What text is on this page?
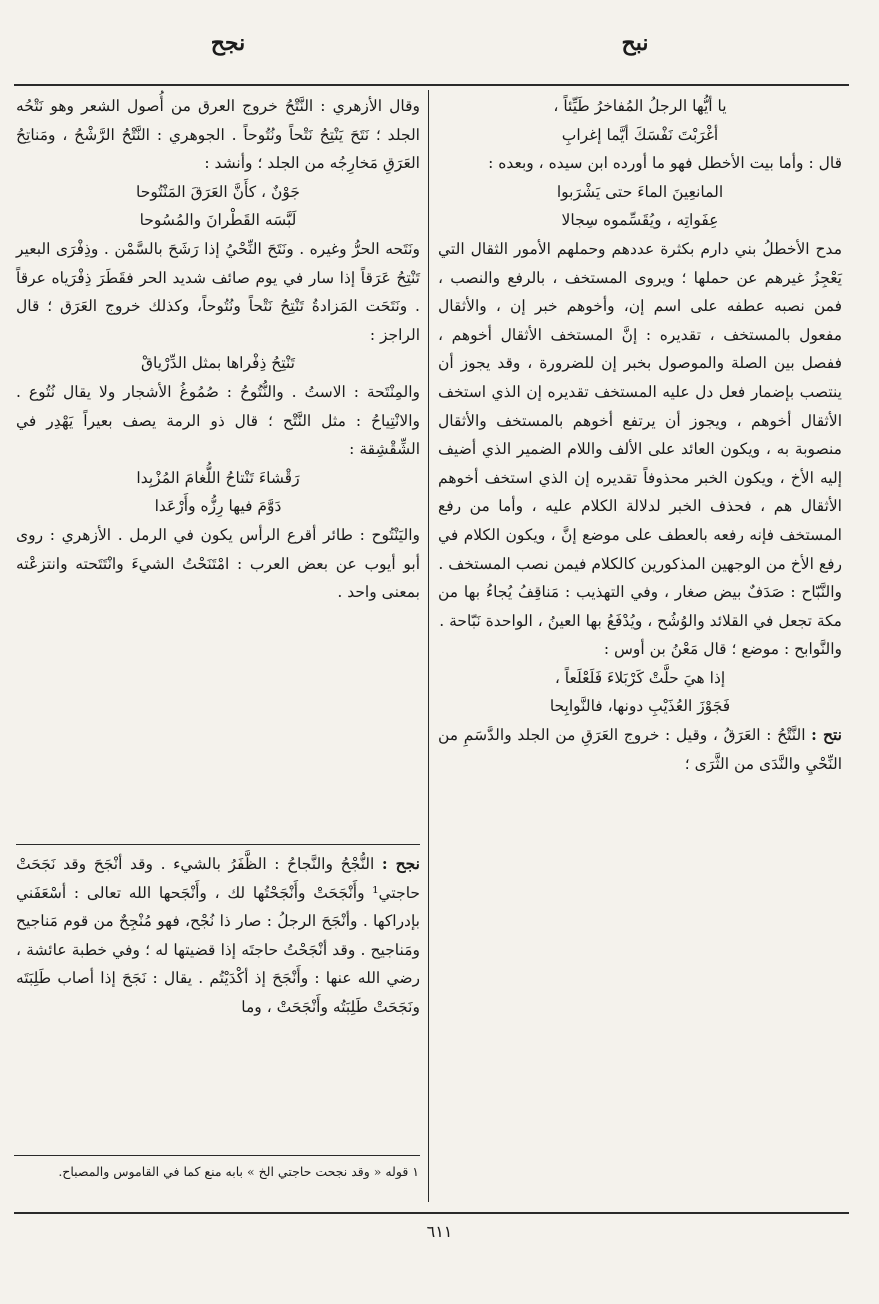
نبح
نجح

يا أيُّها الرجلُ المُفاخرُ طَيِّئاً ،

أغْرَبْتَ نَفْسَكَ أيَّما إغرابِ

قال : وأما بيت الأخطل فهو ما أورده ابن سيده ، وبعده :

المانعِينَ الماءَ حتى يَشْرَبوا

عِفَواتِه ، ويُقَسِّموه سِجالا

مدح الأخطلُ بني دارم بكثرة عددهم وحملهم الأمور الثقال التي يَعْجِزُ غيرهم عن حملها ؛ ويروى المستخف ، بالرفع والنصب ، فمن نصبه عطفه على اسم إن، وأخوهم خبر إن ، والأثقال مفعول بالمستخف ، تقديره : إنَّ المستخف الأثقال أخوهم ، ففصل بين الصلة والموصول بخبر إن للضرورة ، وقد يجوز أن ينتصب بإضمار فعل دل عليه المستخف تقديره إن الذي استخف الأثقال أخوهم ، ويجوز أن يرتفع أخوهم بالمستخف والأثقال منصوبة به ، ويكون العائد على الألف واللام الضمير الذي أضيف إليه الأخ ، ويكون الخبر محذوفاً تقديره إن الذي استخف أخوهم الأثقال هم ، فحذف الخبر لدلالة الكلام عليه ، وأما من رفع المستخف فإنه رفعه بالعطف على موضع إنَّ ، ويكون الكلام في رفع الأخ من الوجهين المذكورين كالكلام فيمن نصب المستخف .

والنَّبّاح : صَدَفٌ بيض صغار ، وفي التهذيب : مَناقِفُ يُجاءُ بها من مكة تجعل في القلائد والوُشُح ، ويُدْفَعُ بها العينُ ، الواحدة نَبّاحة .

والنَّوابح : موضع ؛ قال مَعْنُ بن أوس :

إذا هيَ حلَّتْ كَرْبَلاءَ فَلَعْلَعاً ،

فَجَوْزَ العُذَيْبِ دونها، فالنَّوابِحا

نتح : النَّتْحُ : العَرَقُ ، وقيل : خروج العَرَقِ من الجلد والدَّسَمِ من النِّحْيِ والنَّدَى من الثَّرَى ؛

وقال الأزهري : النَّتْحُ خروج العرق من أُصول الشعر وهو نَتْحُه الجلد ؛ نَتَحَ يَنْتِحُ نَتْحاً ونُتُوحاً . الجوهري : النَّتْحُ الرَّشْحُ ، ومَناتِحُ العَرَقِ مَخارِجُه من الجلد ؛ وأنشد :

جَوْنٌ ، كأَنَّ العَرَقَ المَنْتُوحا

لَبَّسَه القَطْرانَ والمُسُوحا

ونَتَحه الحرُّ وغيره . ونَتَحَ النِّحْيُ إذا رَشَحَ بالسَّمْن . وذِفْرَى البعير تَنْتِحُ عَرَقاً إذا سار في يوم صائف شديد الحر فقَطَرَ ذِفْرَياه عرقاً . ونَتَحَت المَزادةُ تَنْتِحُ نَتْحاً ونُتُوحاً، وكذلك خروج العَرَق ؛ قال الراجز :

تَنْتِحُ ذِفْراها بمثل الدِّرْياقْ

والمِنْتَحة : الاستُ . والنُّتُوحُ : صُمُوغُ الأشجار ولا يقال نُتُوع . والانْتِياحُ : مثل النَّتْح ؛ قال ذو الرمة يصف بعيراً يَهْدِر في الشِّقْشِقة :

رَقْشاءَ تَنْتاحُ اللُّغامَ المُزْبِدا

دَوَّمَ فيها رِزُّه وأَرْعَدا

واليَنْتُوح : طائر أقرع الرأس يكون في الرمل . الأزهري : روى أبو أيوب عن بعض العرب : امْتَنَحْتُ الشيءَ وانْتَتَحته وانتزعْته بمعنى واحد .

نجح : النُّجْحُ والنَّجاحُ : الظَّفَرُ بالشيء . وقد أنْجَحَ وقد نَجَحَتْ حاجتي¹ وأَنْجَحَتْ وأَنْجَحْتُها لك ، وأَنْجَحها الله تعالى : أسْعَفَني بإدراكها . وأنْجَحَ الرجلُ : صار ذا نُجْح، فهو مُنْجِحٌ من قوم مَناجيح ومَناجيح . وقد أنْجَحْتُ حاجتَه إذا قضيتها له ؛ وفي خطبة عائشة ، رضي الله عنها : وأَنْجَحَ إذ أكْدَيْتُم . يقال : نَجَحَ إذا أصاب طَلِبَتَه ونَجَحَتْ طَلِبَتُه وأَنْجَحَتْ ، وما

١ قوله « وقد نجحت حاجتي الخ » بابه منع كما في القاموس والمصباح.
٦١١
